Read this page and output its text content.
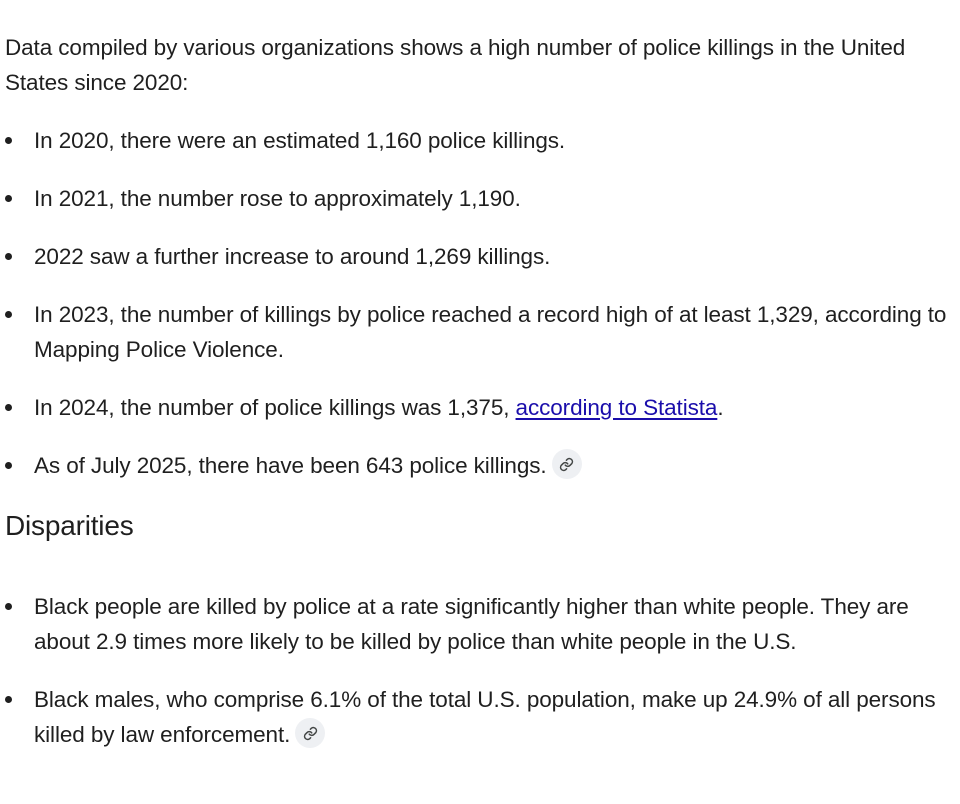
Data compiled by various organizations shows a high number of police killings in the United States since 2020:

In 2020, there were an estimated 1,160 police killings.
In 2021, the number rose to approximately 1,190.
2022 saw a further increase to around 1,269 killings.
In 2023, the number of killings by police reached a record high of at least 1,329, according to Mapping Police Violence.
In 2024, the number of police killings was 1,375, according to Statista.
As of July 2025, there have been 643 police killings.
Disparities
Black people are killed by police at a rate significantly higher than white people. They are about 2.9 times more likely to be killed by police than white people in the U.S.
Black males, who comprise 6.1% of the total U.S. population, make up 24.9% of all persons killed by law enforcement.
